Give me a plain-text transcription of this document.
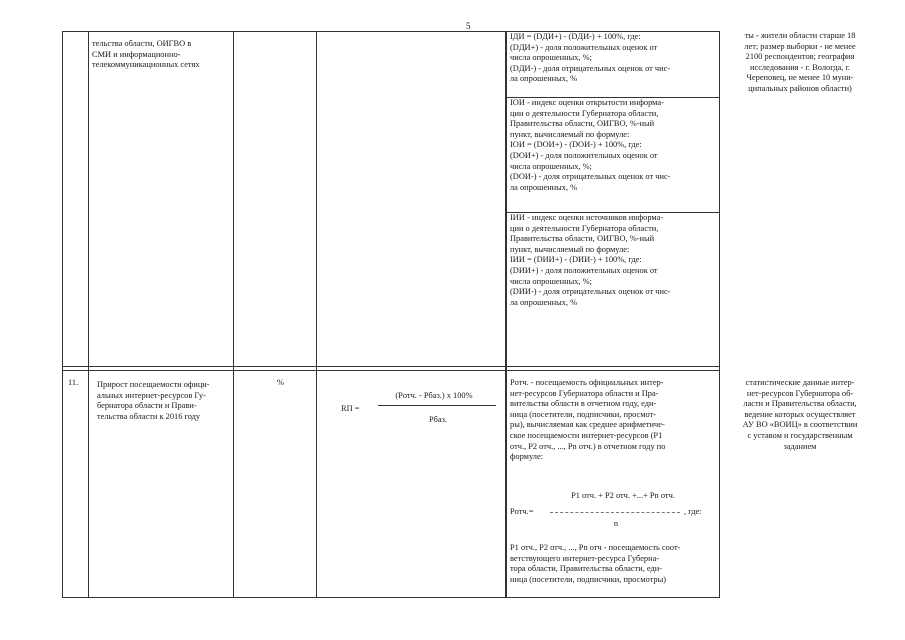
5
тельства области, ОИГВО в
СМИ и информационно-
телекоммуникационных сетях
IДИ = (DДИ+) - (DДИ-) + 100%, где:
(DДИ+) - доля положительных оценок от
числа опрошенных, %;
(DДИ-) - доля отрицательных оценок от чис-
ла опрошенных, %
IОИ - индекс оценки открытости информа-
ции о деятельности Губернатора области,
Правительства области, ОИГВО, %-ный
пункт, вычисляемый по формуле:
IОИ = (DОИ+) - (DОИ-) + 100%, где:
(DОИ+) - доля положительных оценок от
числа опрошенных, %;
(DОИ-) - доля отрицательных оценок от чис-
ла опрошенных, %
IИИ - индекс оценки источников информа-
ции о деятельности Губернатора области,
Правительства области, ОИГВО, %-ный
пункт, вычисляемый по формуле:
IИИ = (DИИ+) - (DИИ-) + 100%, где:
(DИИ+) - доля положительных оценок от
числа опрошенных, %;
(DИИ-) - доля отрицательных оценок от чис-
ла опрошенных, %
ты - жители области старше 18
лет; размер выборки - не менее
2100 респондентов; география
исследования - г. Вологда, г.
Череповец, не менее 10 муни-
ципальных районов области)
11.	Прирост посещаемости офици-
альных интернет-ресурсов Гу-
бернатора области и Прави-
тельства области к 2016 году
%
RП =
(Pотч. - Pбаз.) x 100%
Pбаз.
Pотч. - посещаемость официальных интер-
нет-ресурсов Губернатора области и Пра-
вительства области в отчетном году, еди-
ница (посетители, подписчики, просмот-
ры), вычисляемая как среднее арифметиче-
ское посещаемости интернет-ресурсов (P1
отч., P2 отч., ..., Pn отч.) в отчетном году по
формуле:
P1 отч. + P2 отч. +...+ Pn отч.
Pотч.=	, где:
n
P1 отч., P2 отч., ..., Pn отч - посещаемость соот-
ветствующего интернет-ресурса Губерна-
тора области, Правительства области, еди-
ница (посетители, подписчики, просмотры)
статистические данные интер-
нет-ресурсов Губернатора об-
ласти и Правительства области,
ведение которых осуществляет
АУ ВО «ВОИЦ» в соответствии
с уставом и государственным
заданием
